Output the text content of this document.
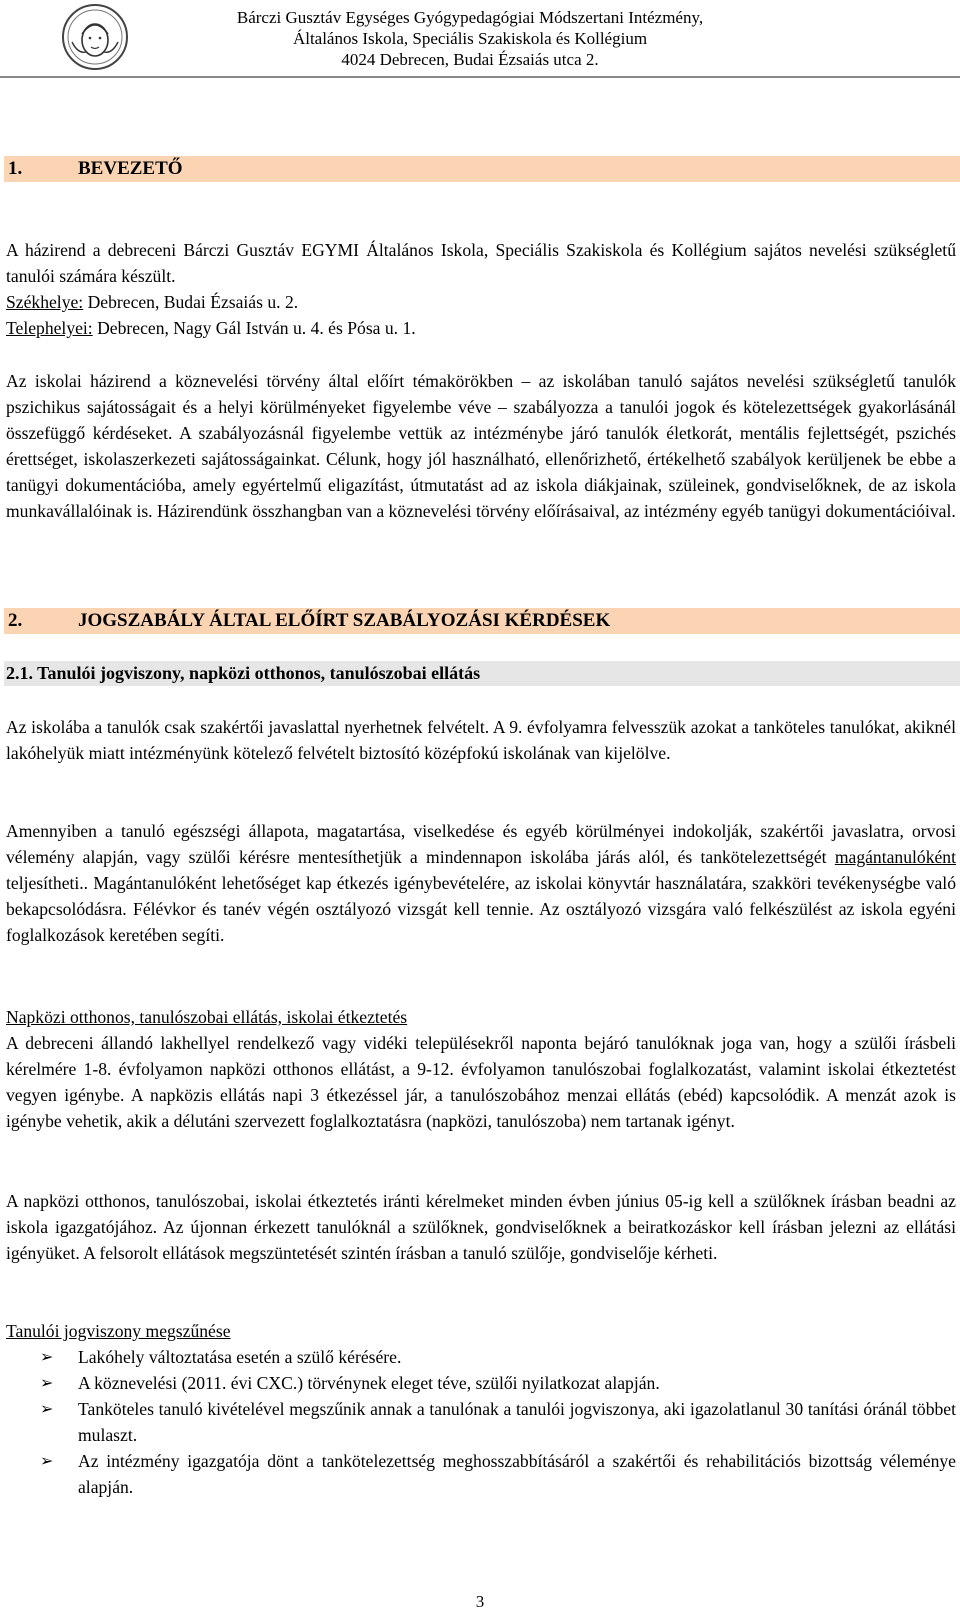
Bárczi Gusztáv Egységes Gyógypedagógiai Módszertani Intézmény,
Általános Iskola, Speciális Szakiskola és Kollégium
4024 Debrecen, Budai Ézsaiás utca 2.
1.	BEVEZETŐ

A házirend a debreceni Bárczi Gusztáv EGYMI Általános Iskola, Speciális Szakiskola és Kollégium sajátos nevelési szükségletű tanulói számára készült.

Székhelye: Debrecen, Budai Ézsaiás u. 2.

Telephelyei: Debrecen, Nagy Gál István u. 4. és Pósa u. 1.

Az iskolai házirend a köznevelési törvény által előírt témakörökben – az iskolában tanuló sajátos nevelési szükségletű tanulók pszichikus sajátosságait és a helyi körülményeket figyelembe véve – szabályozza a tanulói jogok és kötelezettségek gyakorlásánál összefüggő kérdéseket. A szabályozásnál figyelembe vettük az intézménybe járó tanulók életkorát, mentális fejlettségét, pszichés érettséget, iskolaszerkezeti sajátosságainkat. Célunk, hogy jól használható, ellenőrizhető, értékelhető szabályok kerüljenek be ebbe a tanügyi dokumentációba, amely egyértelmű eligazítást, útmutatást ad az iskola diákjainak, szüleinek, gondviselőknek, de az iskola munkavállalóinak is. Házirendünk összhangban van a köznevelési törvény előírásaival, az intézmény egyéb tanügyi dokumentációival.
2.	JOGSZABÁLY ÁLTAL ELŐÍRT SZABÁLYOZÁSI KÉRDÉSEK
2.1. Tanulói jogviszony, napközi otthonos, tanulószobai ellátás
Az iskolába a tanulók csak szakértői javaslattal nyerhetnek felvételt. A 9. évfolyamra felvesszük azokat a tanköteles tanulókat, akiknél lakóhelyük miatt intézményünk kötelező felvételt biztosító középfokú iskolának van kijelölve.
Amennyiben a tanuló egészségi állapota, magatartása, viselkedése és egyéb körülményei indokolják, szakértői javaslatra, orvosi vélemény alapján, vagy szülői kérésre mentesíthetjük a mindennapon iskolába járás alól, és tankötelezettségét magántanulóként teljesítheti.. Magántanulóként lehetőséget kap étkezés igénybevételére, az iskolai könyvtár használatára, szakköri tevékenységbe való bekapcsolódásra. Félévkor és tanév végén osztályozó vizsgát kell tennie. Az osztályozó vizsgára való felkészülést az iskola egyéni foglalkozások keretében segíti.
Napközi otthonos, tanulószobai ellátás, iskolai étkeztetés
A debreceni állandó lakhellyel rendelkező vagy vidéki településekről naponta bejáró tanulóknak joga van, hogy a szülői írásbeli kérelmére 1-8. évfolyamon napközi otthonos ellátást, a 9-12. évfolyamon tanulószobai foglalkozatást, valamint iskolai étkeztetést vegyen igénybe. A napközis ellátás napi 3 étkezéssel jár, a tanulószobához menzai ellátás (ebéd) kapcsolódik. A menzát azok is igénybe vehetik, akik a délutáni szervezett foglalkoztatásra (napközi, tanulószoba) nem tartanak igényt.
A napközi otthonos, tanulószobai, iskolai étkeztetés iránti kérelmeket minden évben június 05-ig kell a szülőknek írásban beadni az iskola igazgatójához. Az újonnan érkezett tanulóknál a szülőknek, gondviselőknek a beiratkozáskor kell írásban jelezni az ellátási igényüket. A felsorolt ellátások megszüntetését szintén írásban a tanuló szülője, gondviselője kérheti.
Tanulói jogviszony megszűnése
➢ Lakóhely változtatása esetén a szülő kérésére.
➢ A köznevelési (2011. évi CXC.) törvénynek eleget téve, szülői nyilatkozat alapján.
➢ Tanköteles tanuló kivételével megszűnik annak a tanulónak a tanulói jogviszonya, aki igazolatlanul 30 tanítási óránál többet mulaszt.
➢ Az intézmény igazgatója dönt a tankötelezettség meghosszabbításáról a szakértői és rehabilitációs bizottság véleménye alapján.
3
